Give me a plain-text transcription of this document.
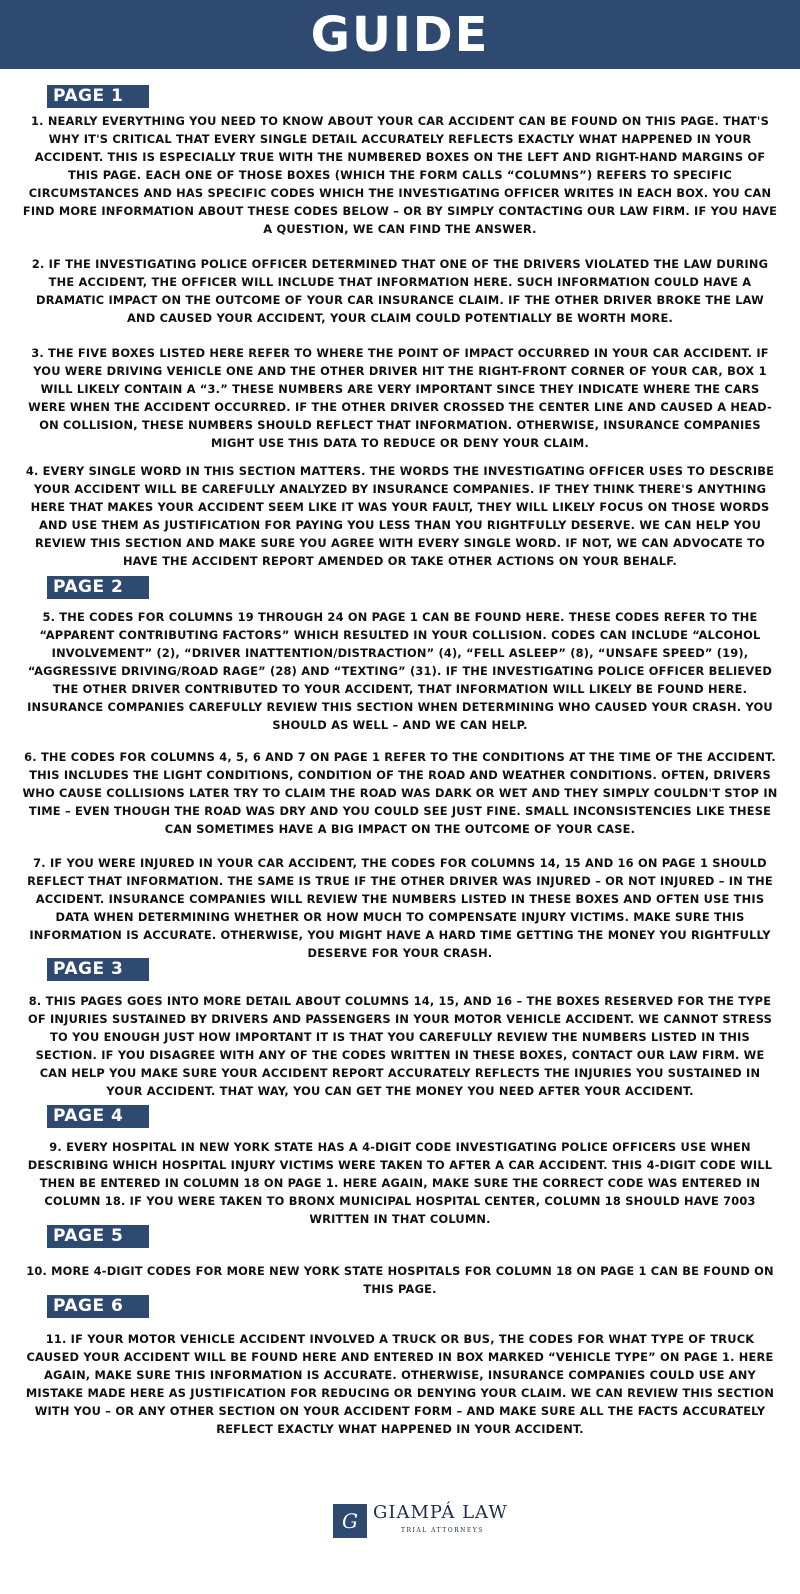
GUIDE
PAGE 1

1. NEARLY EVERYTHING YOU NEED TO KNOW ABOUT YOUR CAR ACCIDENT CAN BE FOUND ON THIS PAGE. THAT'S WHY IT'S CRITICAL THAT EVERY SINGLE DETAIL ACCURATELY REFLECTS EXACTLY WHAT HAPPENED IN YOUR ACCIDENT. THIS IS ESPECIALLY TRUE WITH THE NUMBERED BOXES ON THE LEFT AND RIGHT-HAND MARGINS OF THIS PAGE. EACH ONE OF THOSE BOXES (WHICH THE FORM CALLS “COLUMNS”) REFERS TO SPECIFIC CIRCUMSTANCES AND HAS SPECIFIC CODES WHICH THE INVESTIGATING OFFICER WRITES IN EACH BOX. YOU CAN FIND MORE INFORMATION ABOUT THESE CODES BELOW – OR BY SIMPLY CONTACTING OUR LAW FIRM. IF YOU HAVE A QUESTION, WE CAN FIND THE ANSWER.

2. IF THE INVESTIGATING POLICE OFFICER DETERMINED THAT ONE OF THE DRIVERS VIOLATED THE LAW DURING THE ACCIDENT, THE OFFICER WILL INCLUDE THAT INFORMATION HERE. SUCH INFORMATION COULD HAVE A DRAMATIC IMPACT ON THE OUTCOME OF YOUR CAR INSURANCE CLAIM. IF THE OTHER DRIVER BROKE THE LAW AND CAUSED YOUR ACCIDENT, YOUR CLAIM COULD POTENTIALLY BE WORTH MORE.

3. THE FIVE BOXES LISTED HERE REFER TO WHERE THE POINT OF IMPACT OCCURRED IN YOUR CAR ACCIDENT. IF YOU WERE DRIVING VEHICLE ONE AND THE OTHER DRIVER HIT THE RIGHT-FRONT CORNER OF YOUR CAR, BOX 1 WILL LIKELY CONTAIN A “3.” THESE NUMBERS ARE VERY IMPORTANT SINCE THEY INDICATE WHERE THE CARS WERE WHEN THE ACCIDENT OCCURRED. IF THE OTHER DRIVER CROSSED THE CENTER LINE AND CAUSED A HEAD-ON COLLISION, THESE NUMBERS SHOULD REFLECT THAT INFORMATION. OTHERWISE, INSURANCE COMPANIES MIGHT USE THIS DATA TO REDUCE OR DENY YOUR CLAIM.

4. EVERY SINGLE WORD IN THIS SECTION MATTERS. THE WORDS THE INVESTIGATING OFFICER USES TO DESCRIBE YOUR ACCIDENT WILL BE CAREFULLY ANALYZED BY INSURANCE COMPANIES. IF THEY THINK THERE'S ANYTHING HERE THAT MAKES YOUR ACCIDENT SEEM LIKE IT WAS YOUR FAULT, THEY WILL LIKELY FOCUS ON THOSE WORDS AND USE THEM AS JUSTIFICATION FOR PAYING YOU LESS THAN YOU RIGHTFULLY DESERVE. WE CAN HELP YOU REVIEW THIS SECTION AND MAKE SURE YOU AGREE WITH EVERY SINGLE WORD. IF NOT, WE CAN ADVOCATE TO HAVE THE ACCIDENT REPORT AMENDED OR TAKE OTHER ACTIONS ON YOUR BEHALF.

PAGE 2

5. THE CODES FOR COLUMNS 19 THROUGH 24 ON PAGE 1 CAN BE FOUND HERE. THESE CODES REFER TO THE “APPARENT CONTRIBUTING FACTORS” WHICH RESULTED IN YOUR COLLISION. CODES CAN INCLUDE “ALCOHOL INVOLVEMENT” (2), “DRIVER INATTENTION/DISTRACTION” (4), “FELL ASLEEP” (8), “UNSAFE SPEED” (19), “AGGRESSIVE DRIVING/ROAD RAGE” (28) AND “TEXTING” (31). IF THE INVESTIGATING POLICE OFFICER BELIEVED THE OTHER DRIVER CONTRIBUTED TO YOUR ACCIDENT, THAT INFORMATION WILL LIKELY BE FOUND HERE. INSURANCE COMPANIES CAREFULLY REVIEW THIS SECTION WHEN DETERMINING WHO CAUSED YOUR CRASH. YOU SHOULD AS WELL – AND WE CAN HELP.

6. THE CODES FOR COLUMNS 4, 5, 6 AND 7 ON PAGE 1 REFER TO THE CONDITIONS AT THE TIME OF THE ACCIDENT. THIS INCLUDES THE LIGHT CONDITIONS, CONDITION OF THE ROAD AND WEATHER CONDITIONS. OFTEN, DRIVERS WHO CAUSE COLLISIONS LATER TRY TO CLAIM THE ROAD WAS DARK OR WET AND THEY SIMPLY COULDN'T STOP IN TIME – EVEN THOUGH THE ROAD WAS DRY AND YOU COULD SEE JUST FINE. SMALL INCONSISTENCIES LIKE THESE CAN SOMETIMES HAVE A BIG IMPACT ON THE OUTCOME OF YOUR CASE.

7. IF YOU WERE INJURED IN YOUR CAR ACCIDENT, THE CODES FOR COLUMNS 14, 15 AND 16 ON PAGE 1 SHOULD REFLECT THAT INFORMATION. THE SAME IS TRUE IF THE OTHER DRIVER WAS INJURED – OR NOT INJURED – IN THE ACCIDENT. INSURANCE COMPANIES WILL REVIEW THE NUMBERS LISTED IN THESE BOXES AND OFTEN USE THIS DATA WHEN DETERMINING WHETHER OR HOW MUCH TO COMPENSATE INJURY VICTIMS. MAKE SURE THIS INFORMATION IS ACCURATE. OTHERWISE, YOU MIGHT HAVE A HARD TIME GETTING THE MONEY YOU RIGHTFULLY DESERVE FOR YOUR CRASH.

PAGE 3

8. THIS PAGES GOES INTO MORE DETAIL ABOUT COLUMNS 14, 15, AND 16 – THE BOXES RESERVED FOR THE TYPE OF INJURIES SUSTAINED BY DRIVERS AND PASSENGERS IN YOUR MOTOR VEHICLE ACCIDENT. WE CANNOT STRESS TO YOU ENOUGH JUST HOW IMPORTANT IT IS THAT YOU CAREFULLY REVIEW THE NUMBERS LISTED IN THIS SECTION. IF YOU DISAGREE WITH ANY OF THE CODES WRITTEN IN THESE BOXES, CONTACT OUR LAW FIRM. WE CAN HELP YOU MAKE SURE YOUR ACCIDENT REPORT ACCURATELY REFLECTS THE INJURIES YOU SUSTAINED IN YOUR ACCIDENT. THAT WAY, YOU CAN GET THE MONEY YOU NEED AFTER YOUR ACCIDENT.

PAGE 4

9. EVERY HOSPITAL IN NEW YORK STATE HAS A 4-DIGIT CODE INVESTIGATING POLICE OFFICERS USE WHEN DESCRIBING WHICH HOSPITAL INJURY VICTIMS WERE TAKEN TO AFTER A CAR ACCIDENT. THIS 4-DIGIT CODE WILL THEN BE ENTERED IN COLUMN 18 ON PAGE 1. HERE AGAIN, MAKE SURE THE CORRECT CODE WAS ENTERED IN COLUMN 18. IF YOU WERE TAKEN TO BRONX MUNICIPAL HOSPITAL CENTER, COLUMN 18 SHOULD HAVE 7003 WRITTEN IN THAT COLUMN.

PAGE 5

10. MORE 4-DIGIT CODES FOR MORE NEW YORK STATE HOSPITALS FOR COLUMN 18 ON PAGE 1 CAN BE FOUND ON THIS PAGE.

PAGE 6

11. IF YOUR MOTOR VEHICLE ACCIDENT INVOLVED A TRUCK OR BUS, THE CODES FOR WHAT TYPE OF TRUCK CAUSED YOUR ACCIDENT WILL BE FOUND HERE AND ENTERED IN BOX MARKED “VEHICLE TYPE” ON PAGE 1. HERE AGAIN, MAKE SURE THIS INFORMATION IS ACCURATE. OTHERWISE, INSURANCE COMPANIES COULD USE ANY MISTAKE MADE HERE AS JUSTIFICATION FOR REDUCING OR DENYING YOUR CLAIM. WE CAN REVIEW THIS SECTION WITH YOU – OR ANY OTHER SECTION ON YOUR ACCIDENT FORM – AND MAKE SURE ALL THE FACTS ACCURATELY REFLECT EXACTLY WHAT HAPPENED IN YOUR ACCIDENT.

G GIAMPÁ LAW
TRIAL ATTORNEYS
